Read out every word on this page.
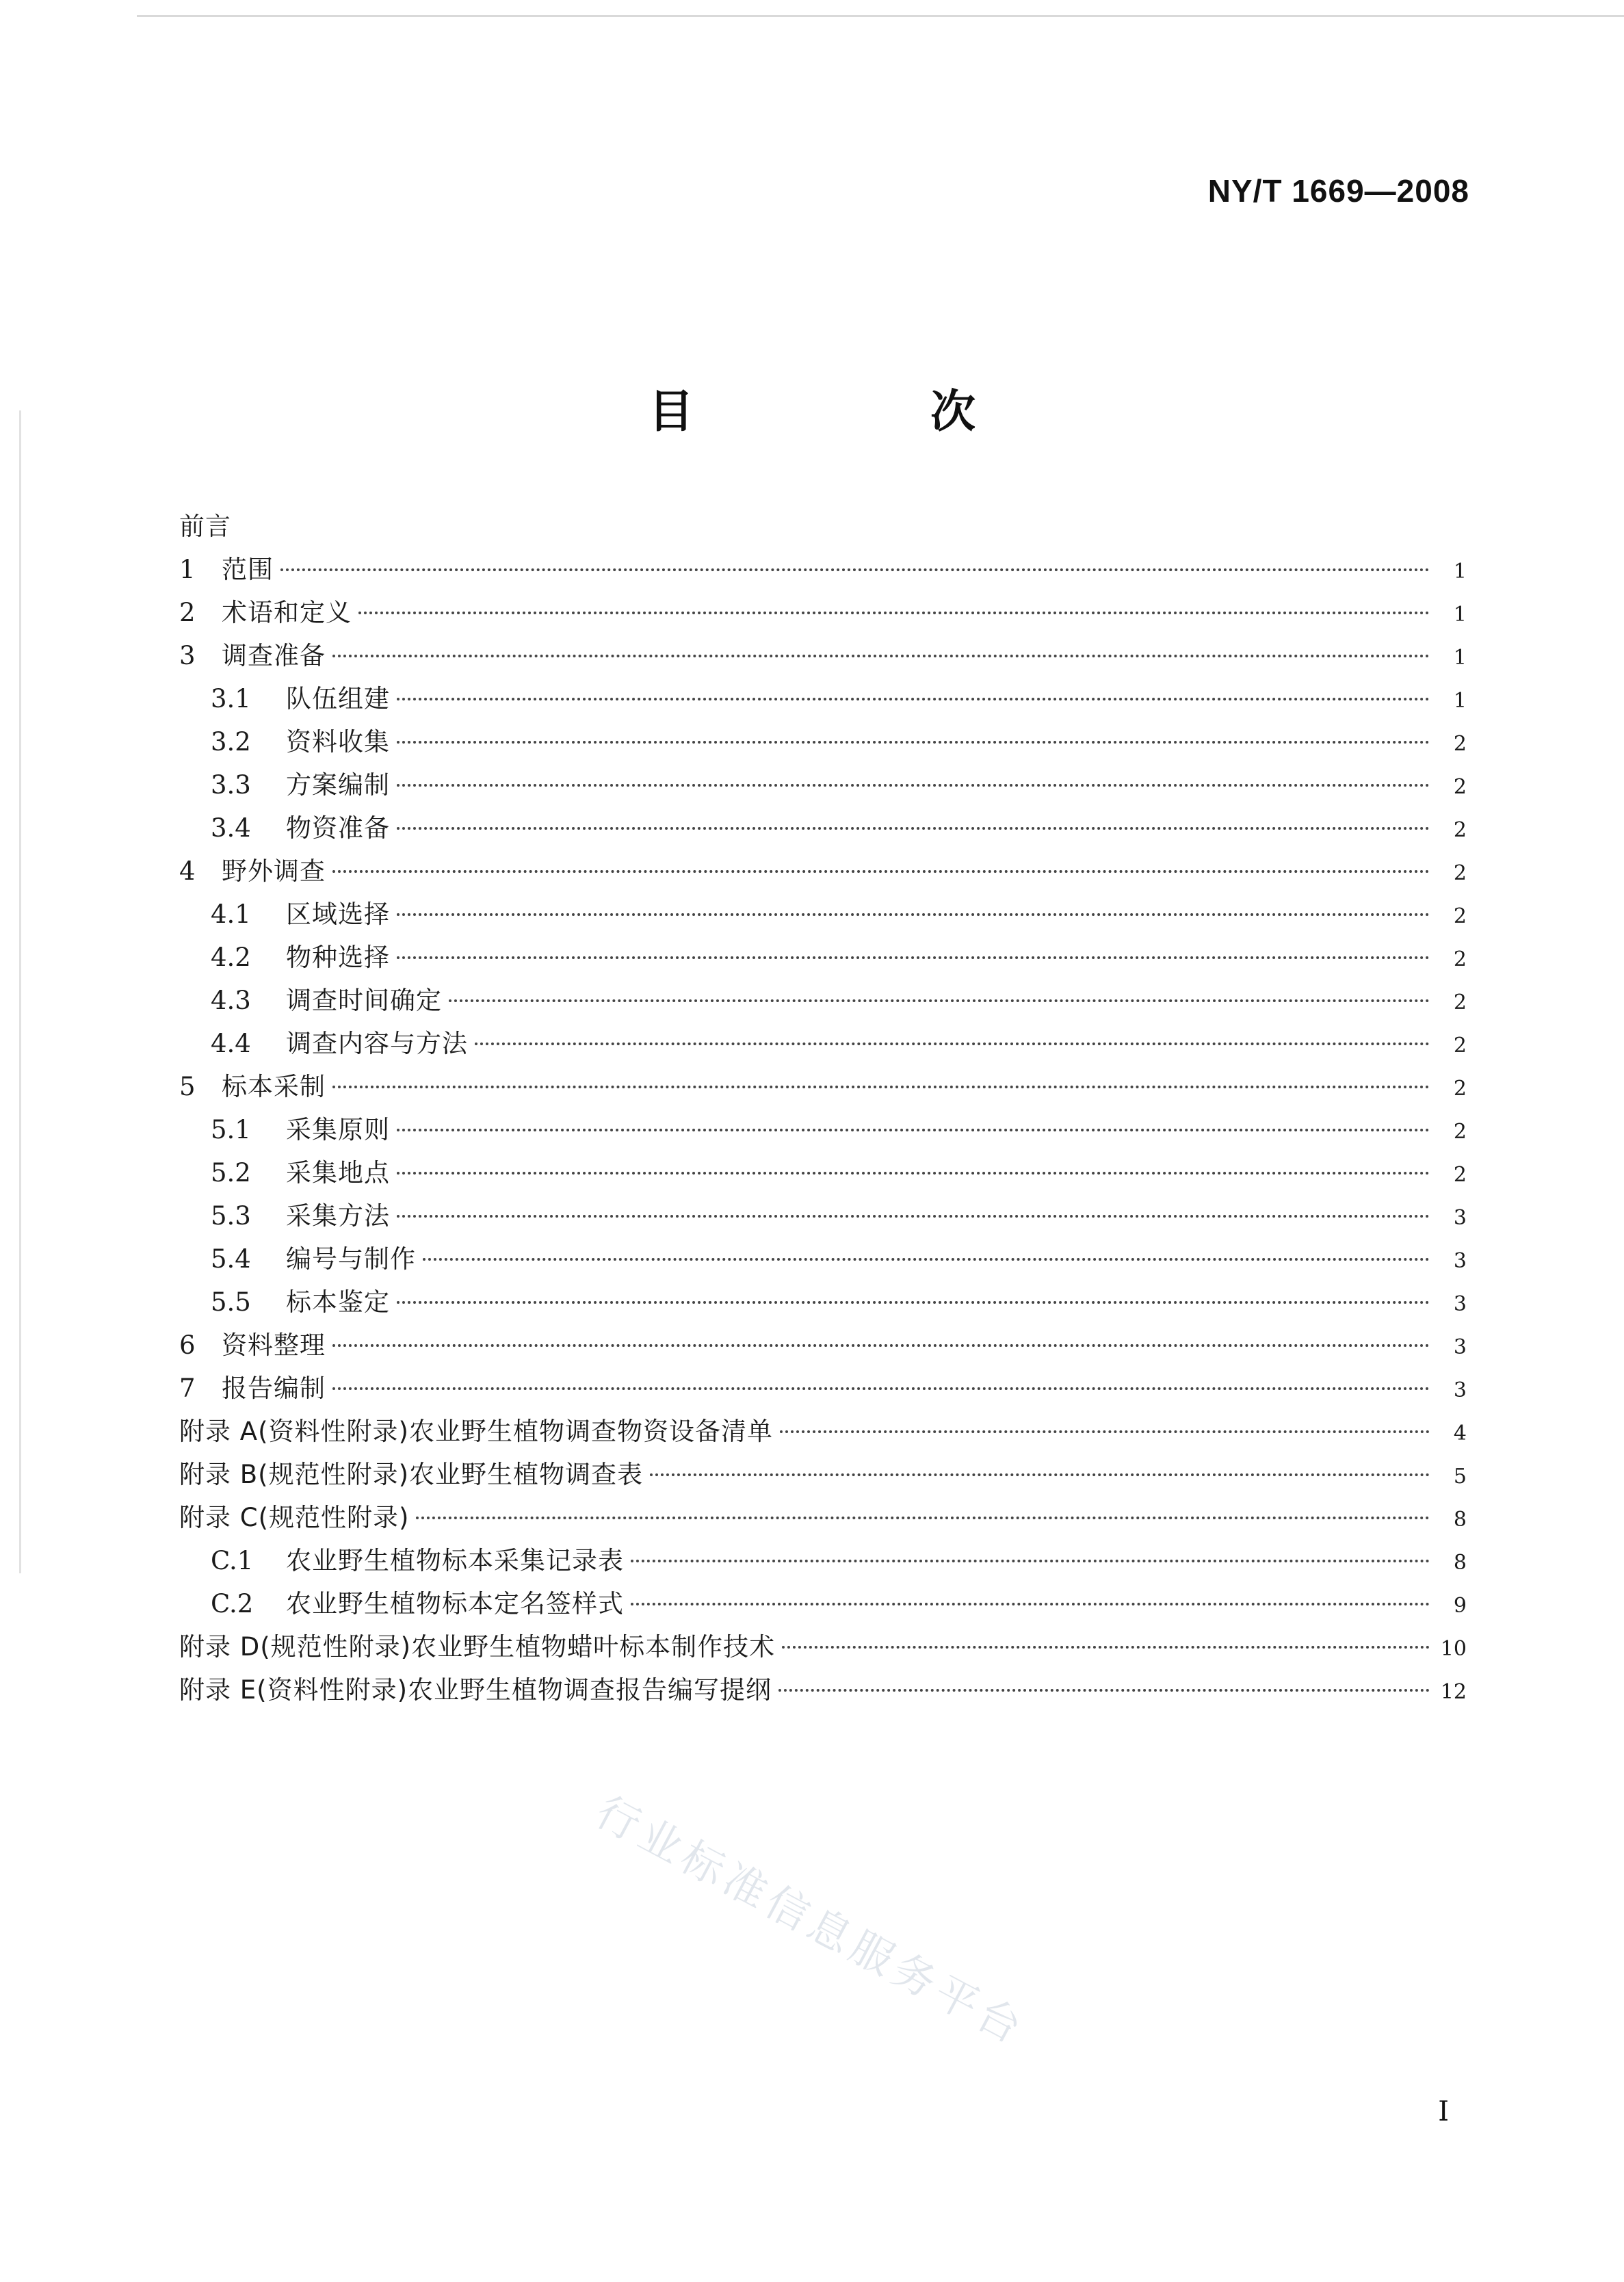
NY/T 1669—2008
目　次
前言
1	范围	1
2	术语和定义	1
3	调查准备	1
3.1	队伍组建	1
3.2	资料收集	2
3.3	方案编制	2
3.4	物资准备	2
4	野外调查	2
4.1	区域选择	2
4.2	物种选择	2
4.3	调查时间确定	2
4.4	调查内容与方法	2
5	标本采制	2
5.1	采集原则	2
5.2	采集地点	2
5.3	采集方法	3
5.4	编号与制作	3
5.5	标本鉴定	3
6	资料整理	3
7	报告编制	3
附录 A(资料性附录)农业野生植物调查物资设备清单	4
附录 B(规范性附录)农业野生植物调查表	5
附录 C(规范性附录)	8
C.1	农业野生植物标本采集记录表	8
C.2	农业野生植物标本定名签样式	9
附录 D(规范性附录)农业野生植物蜡叶标本制作技术	10
附录 E(资料性附录)农业野生植物调查报告编写提纲	12
行业标准信息服务平台
I
